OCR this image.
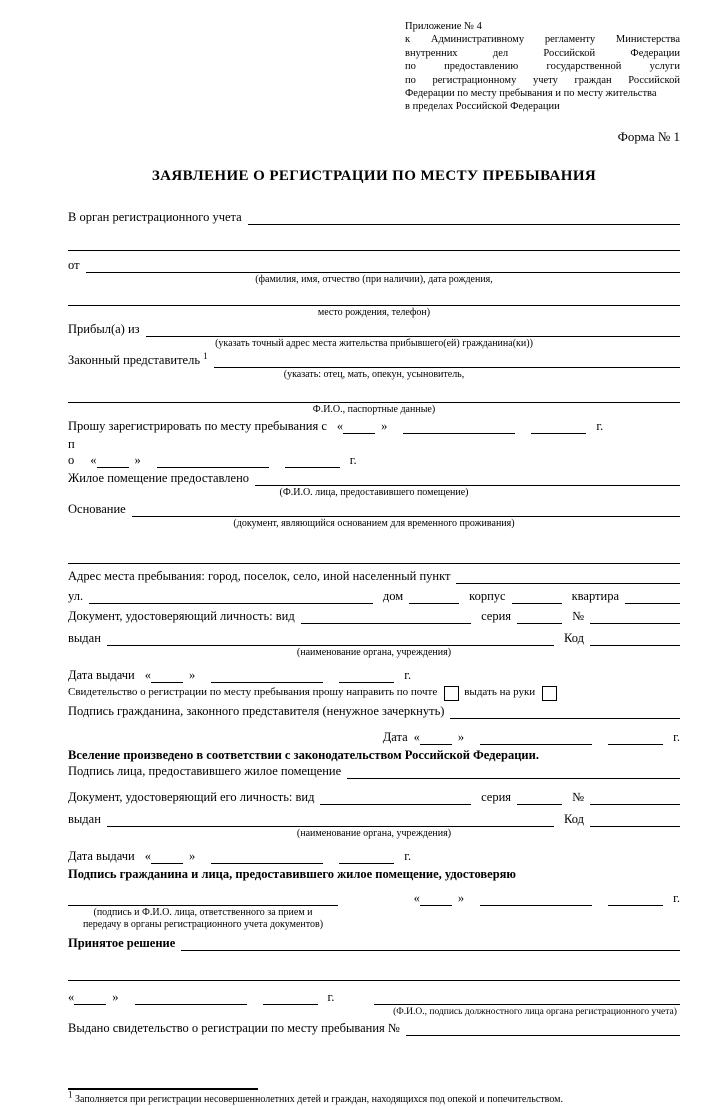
Приложение № 4
к Административному регламенту Министерства
внутренних дел Российской Федерации
по предоставлению государственной услуги
по регистрационному учету граждан Российской
Федерации по месту пребывания и по месту жительства
в пределах Российской Федерации
Форма № 1
ЗАЯВЛЕНИЕ О РЕГИСТРАЦИИ ПО МЕСТУ ПРЕБЫВАНИЯ
В орган регистрационного учета
от
(фамилия, имя, отчество (при наличии), дата рождения,
место рождения, телефон)
Прибыл(а) из
(указать точный адрес места жительства прибывшего(ей) гражданина(ки))
Законный представитель $^1$
(указать: отец, мать, опекун, усыновитель,
Ф.И.О., паспортные данные)
Прошу зарегистрировать по месту пребывания с «	»	г.
п
о «	»	г.
Жилое помещение предоставлено
(Ф.И.О. лица, предоставившего помещение)
Основание
(документ, являющийся основанием для временного проживания)
Адрес места пребывания: город, поселок, село, иной населенный пункт
ул.	дом	корпус	квартира
Документ, удостоверяющий личность: вид	серия	№
выдан	Код
(наименование органа, учреждения)
Дата выдачи «	»	г.
Свидетельство о регистрации по месту пребывания прошу направить по почте выдать на руки
Подпись гражданина, законного представителя (ненужное зачеркнуть)
Дата «	»	г.
Вселение произведено в соответствии с законодательством Российской Федерации.
Подпись лица, предоставившего жилое помещение
Документ, удостоверяющий его личность: вид	серия	№
выдан	Код
(наименование органа, учреждения)
Дата выдачи «	»	г.
Подпись гражданина и лица, предоставившего жилое помещение, удостоверяю
(подпись и Ф.И.О. лица, ответственного за прием и
передачу в органы регистрационного учета документов)
«	»	г.
Принятое решение
«	»	г.
(Ф.И.О., подпись должностного лица органа регистрационного учета)
Выдано свидетельство о регистрации по месту пребывания №
$^1$ Заполняется при регистрации несовершеннолетних детей и граждан, находящихся под опекой и попечительством.
